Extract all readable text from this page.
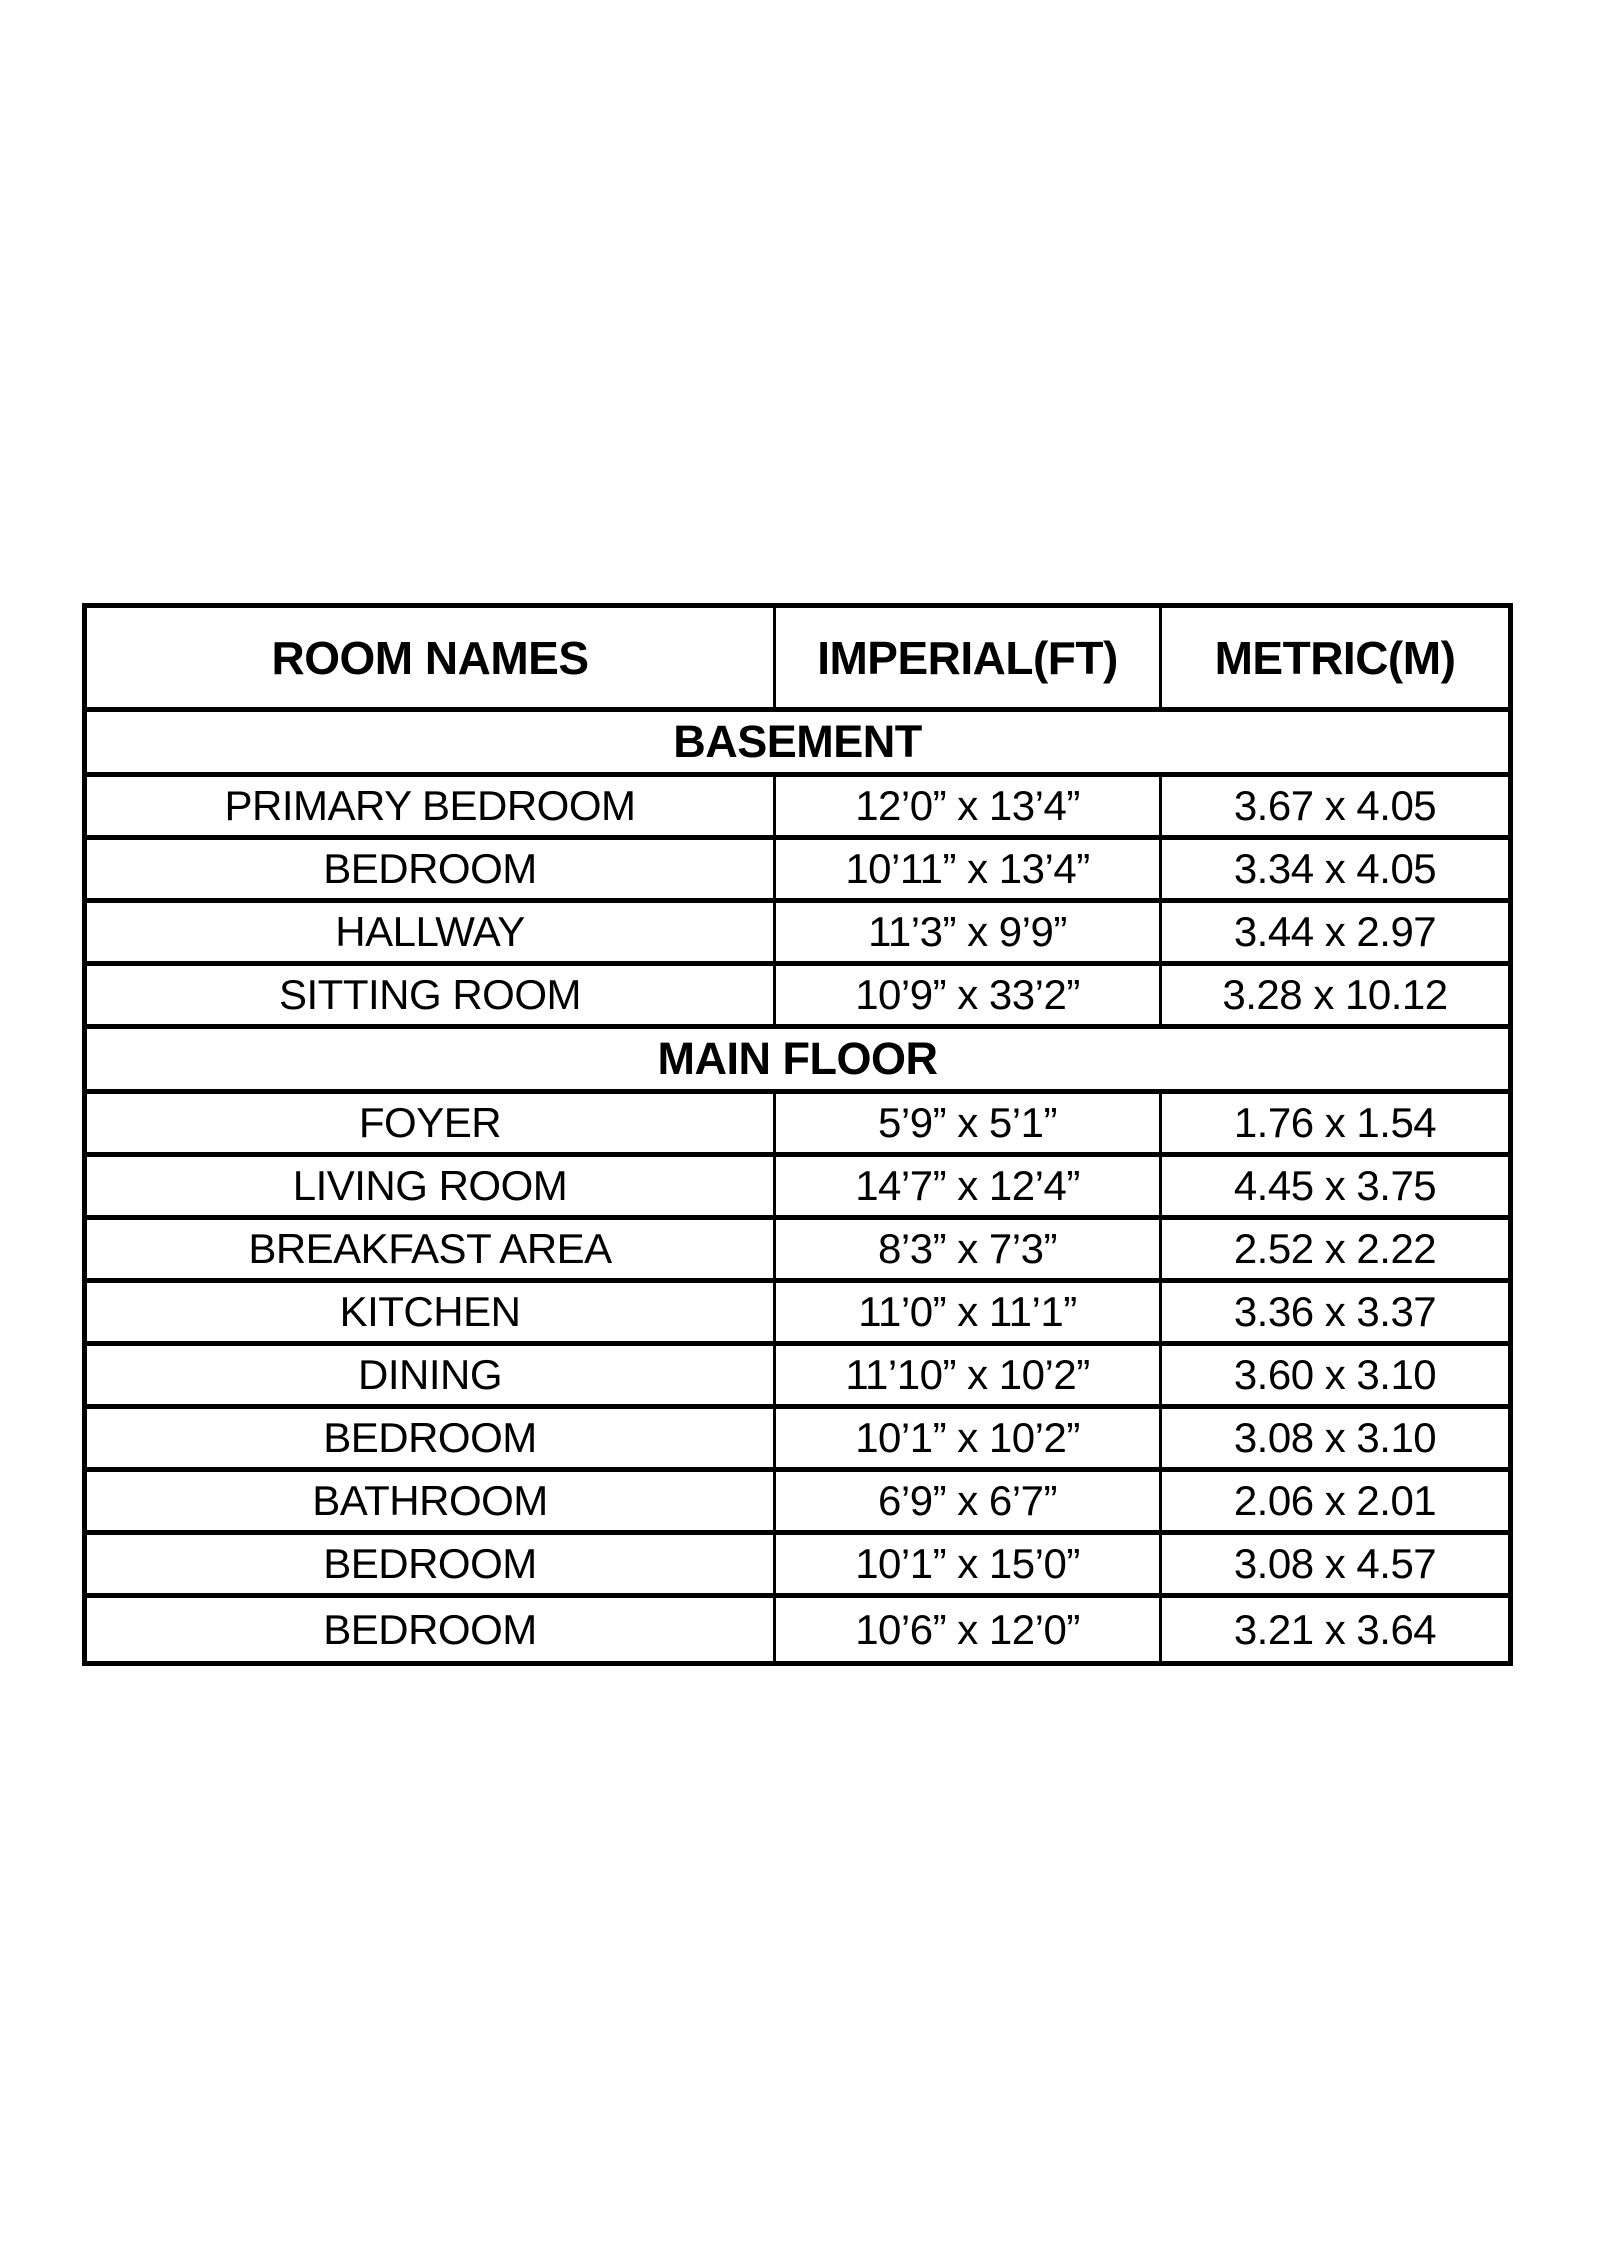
ROOM NAMES	IMPERIAL(FT)	METRIC(M)
BASEMENT
PRIMARY BEDROOM	12’0” x 13’4”	3.67 x 4.05
BEDROOM	10’11” x 13’4”	3.34 x 4.05
HALLWAY	11’3” x 9’9”	3.44 x 2.97
SITTING ROOM	10’9” x 33’2”	3.28 x 10.12
MAIN FLOOR
FOYER	5’9” x 5’1”	1.76 x 1.54
LIVING ROOM	14’7” x 12’4”	4.45 x 3.75
BREAKFAST AREA	8’3” x 7’3”	2.52 x 2.22
KITCHEN	11’0” x 11’1”	3.36 x 3.37
DINING	11’10” x 10’2”	3.60 x 3.10
BEDROOM	10’1” x 10’2”	3.08 x 3.10
BATHROOM	6’9” x 6’7”	2.06 x 2.01
BEDROOM	10’1” x 15’0”	3.08 x 4.57
BEDROOM	10’6” x 12’0”	3.21 x 3.64
